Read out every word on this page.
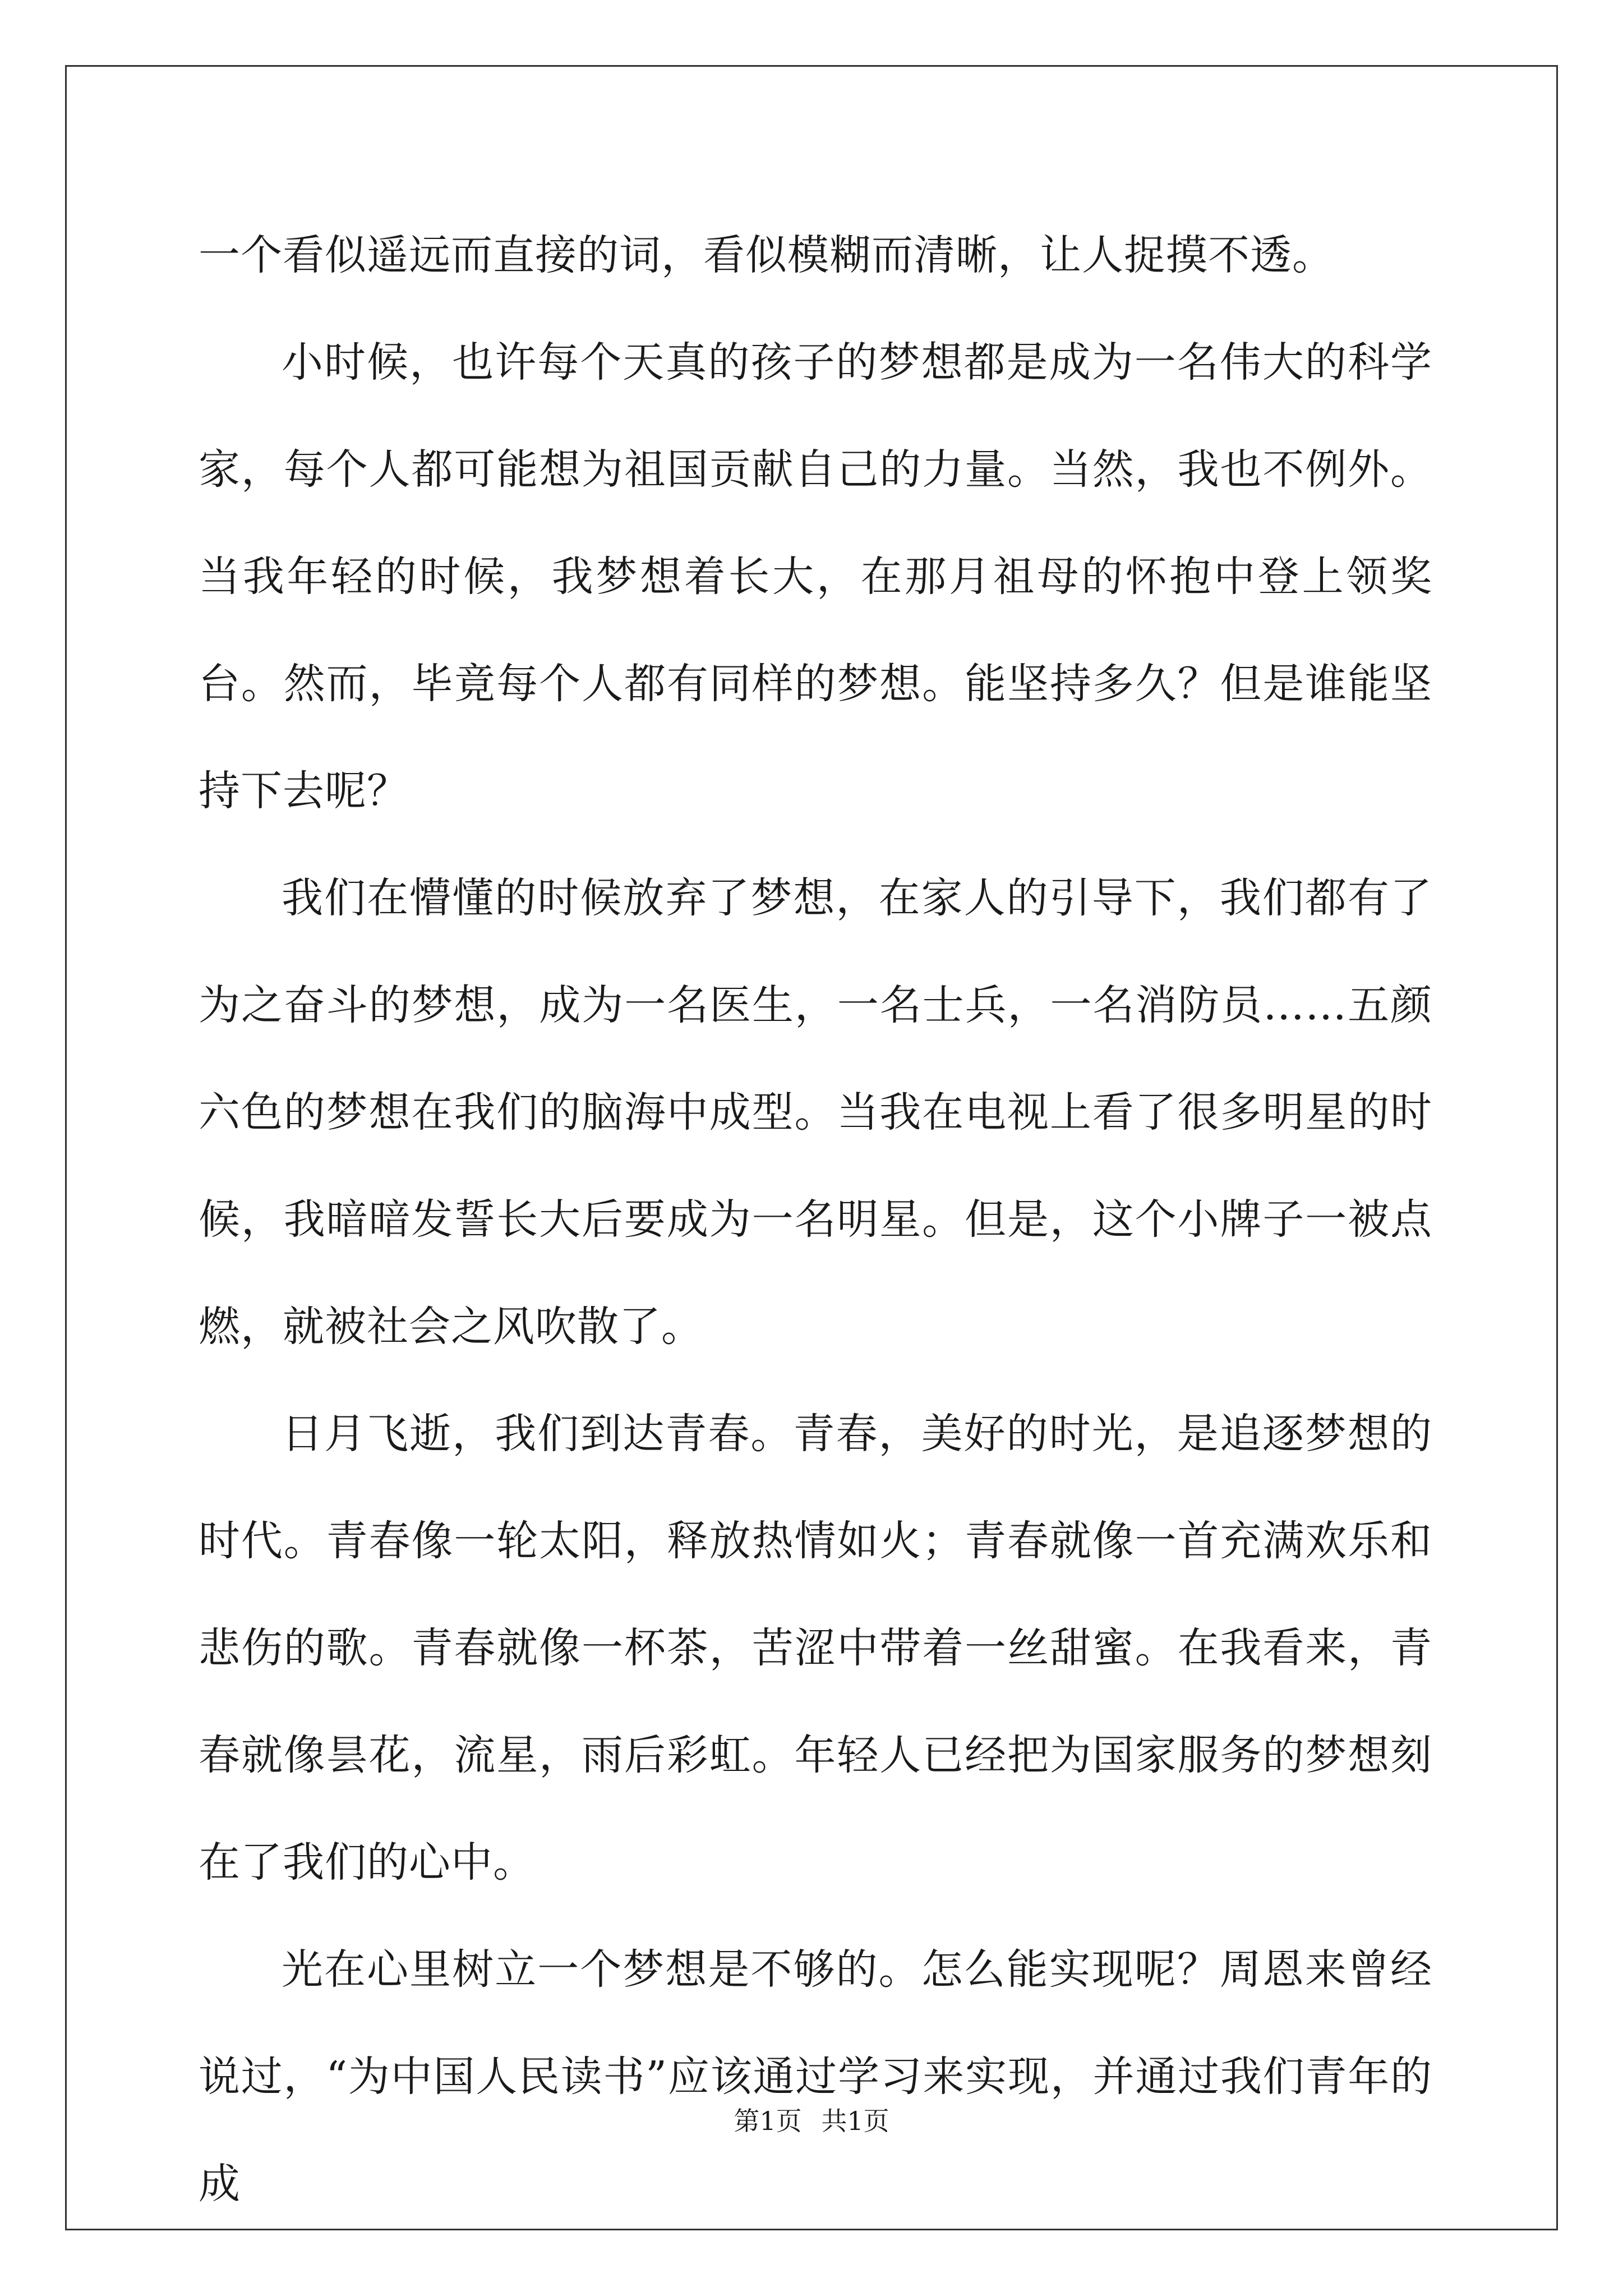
一个看似遥远而直接的词，看似模糊而清晰，让人捉摸不透。

小时候，也许每个天真的孩子的梦想都是成为一名伟大的科学家，每个人都可能想为祖国贡献自己的力量。当然，我也不例外。当我年轻的时候，我梦想着长大，在那月祖母的怀抱中登上领奖台。然而，毕竟每个人都有同样的梦想。能坚持多久？但是谁能坚持下去呢？

我们在懵懂的时候放弃了梦想，在家人的引导下，我们都有了为之奋斗的梦想，成为一名医生，一名士兵，一名消防员……五颜六色的梦想在我们的脑海中成型。当我在电视上看了很多明星的时候，我暗暗发誓长大后要成为一名明星。但是，这个小牌子一被点燃，就被社会之风吹散了。

日月飞逝，我们到达青春。青春，美好的时光，是追逐梦想的时代。青春像一轮太阳，释放热情如火；青春就像一首充满欢乐和悲伤的歌。青春就像一杯茶，苦涩中带着一丝甜蜜。在我看来，青春就像昙花，流星，雨后彩虹。年轻人已经把为国家服务的梦想刻在了我们的心中。

光在心里树立一个梦想是不够的。怎么能实现呢？周恩来曾经说过，“为中国人民读书”应该通过学习来实现，并通过我们青年的成

第1页 共1页
